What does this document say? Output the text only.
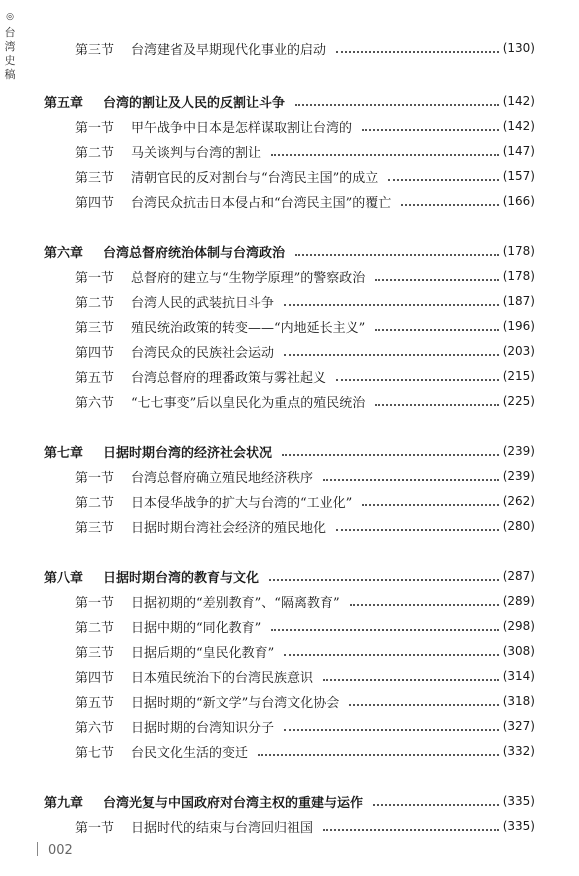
◎
台湾史稿
第三节 台湾建省及早期现代化事业的启动	(130)
第五章 台湾的割让及人民的反割让斗争	(142)
第一节 甲午战争中日本是怎样谋取割让台湾的	(142)
第二节 马关谈判与台湾的割让	(147)
第三节 清朝官民的反对割台与“台湾民主国”的成立	(157)
第四节 台湾民众抗击日本侵占和“台湾民主国”的覆亡	(166)
第六章 台湾总督府统治体制与台湾政治	(178)
第一节 总督府的建立与“生物学原理”的警察政治	(178)
第二节 台湾人民的武装抗日斗争	(187)
第三节 殖民统治政策的转变——“内地延长主义”	(196)
第四节 台湾民众的民族社会运动	(203)
第五节 台湾总督府的理番政策与雾社起义	(215)
第六节 “七七事变”后以皇民化为重点的殖民统治	(225)
第七章 日据时期台湾的经济社会状况	(239)
第一节 台湾总督府确立殖民地经济秩序	(239)
第二节 日本侵华战争的扩大与台湾的“工业化”	(262)
第三节 日据时期台湾社会经济的殖民地化	(280)
第八章 日据时期台湾的教育与文化	(287)
第一节 日据初期的“差别教育”、“隔离教育”	(289)
第二节 日据中期的“同化教育”	(298)
第三节 日据后期的“皇民化教育”	(308)
第四节 日本殖民统治下的台湾民族意识	(314)
第五节 日据时期的“新文学”与台湾文化协会	(318)
第六节 日据时期的台湾知识分子	(327)
第七节 台民文化生活的变迁	(332)
第九章 台湾光复与中国政府对台湾主权的重建与运作	(335)
第一节 日据时代的结束与台湾回归祖国	(335)
002
